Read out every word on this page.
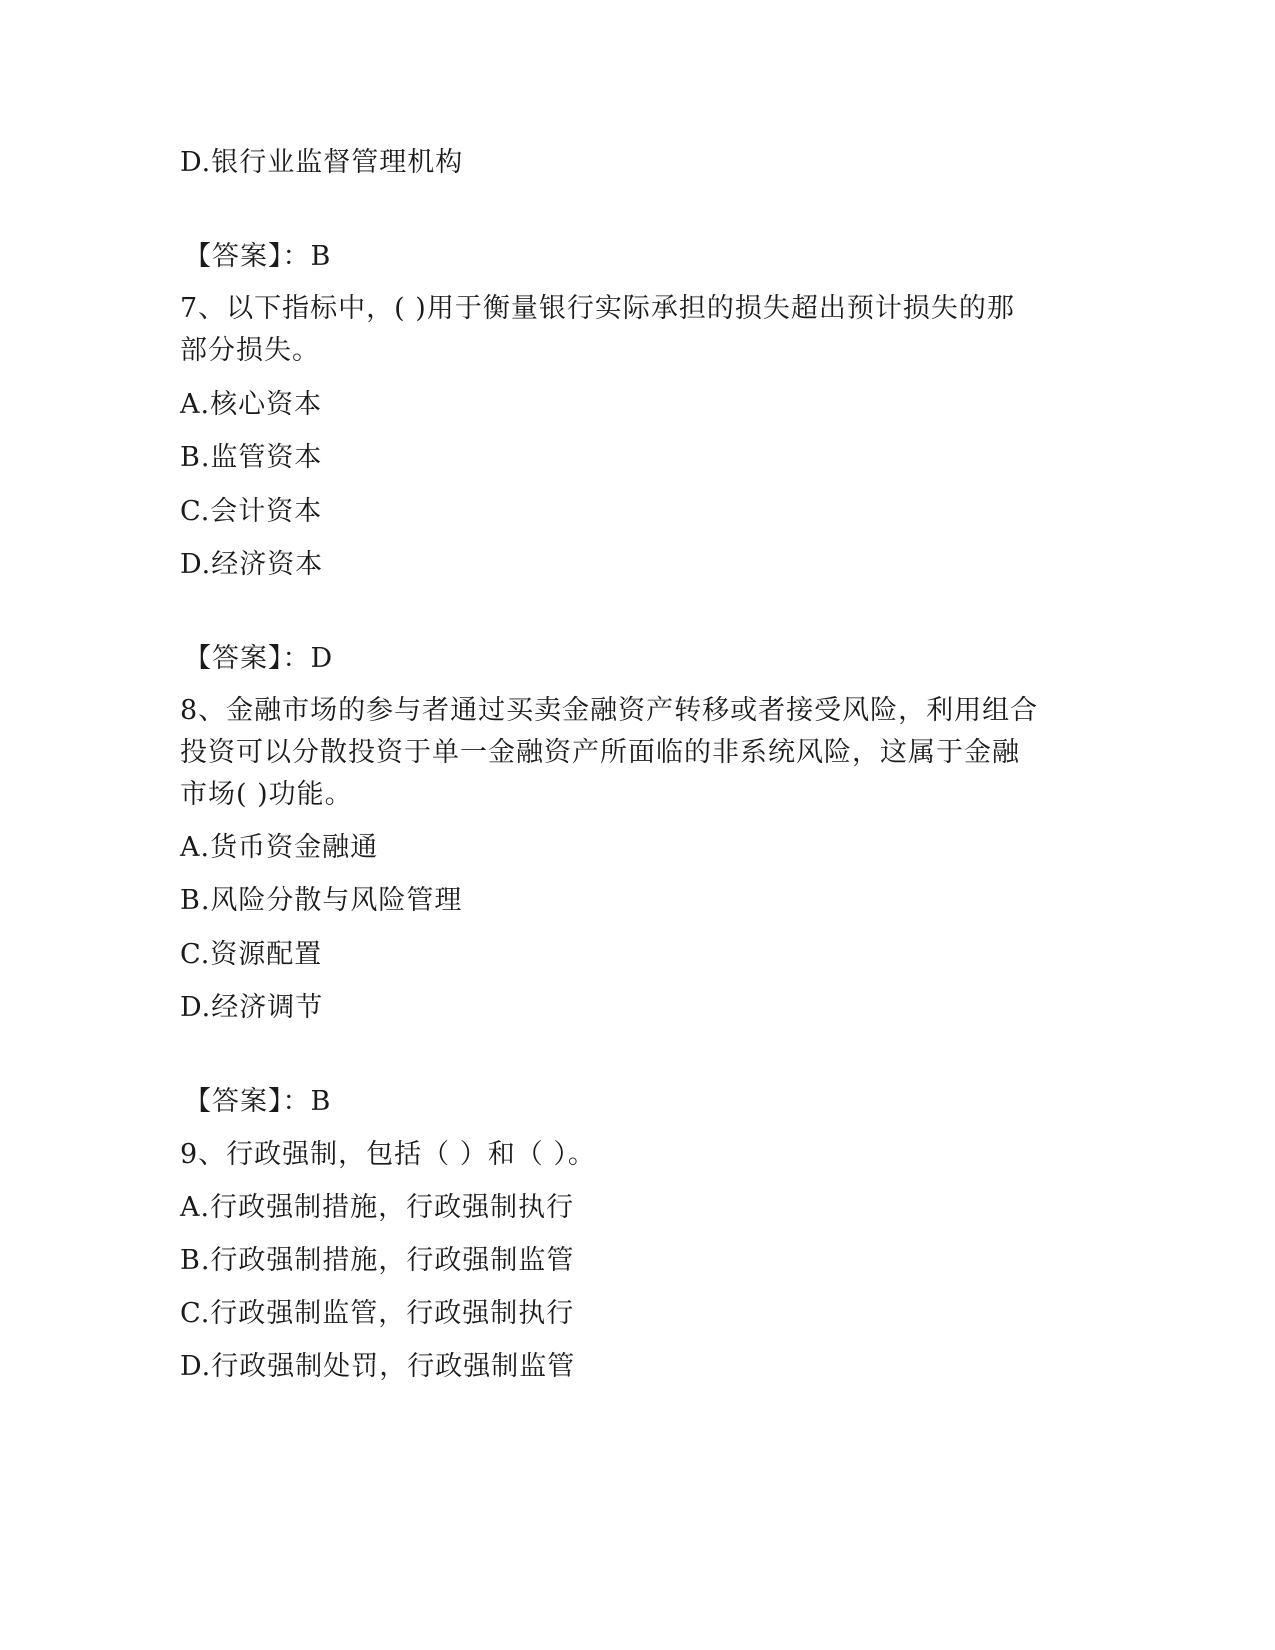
D.银行业监督管理机构
【答案】：B
7、以下指标中，( )用于衡量银行实际承担的损失超出预计损失的那
部分损失。
A.核心资本
B.监管资本
C.会计资本
D.经济资本
【答案】：D
8、金融市场的参与者通过买卖金融资产转移或者接受风险，利用组合
投资可以分散投资于单一金融资产所面临的非系统风险，这属于金融
市场( )功能。
A.货币资金融通
B.风险分散与风险管理
C.资源配置
D.经济调节
【答案】：B
9、行政强制，包括（ ）和（ ）。
A.行政强制措施，行政强制执行
B.行政强制措施，行政强制监管
C.行政强制监管，行政强制执行
D.行政强制处罚，行政强制监管
